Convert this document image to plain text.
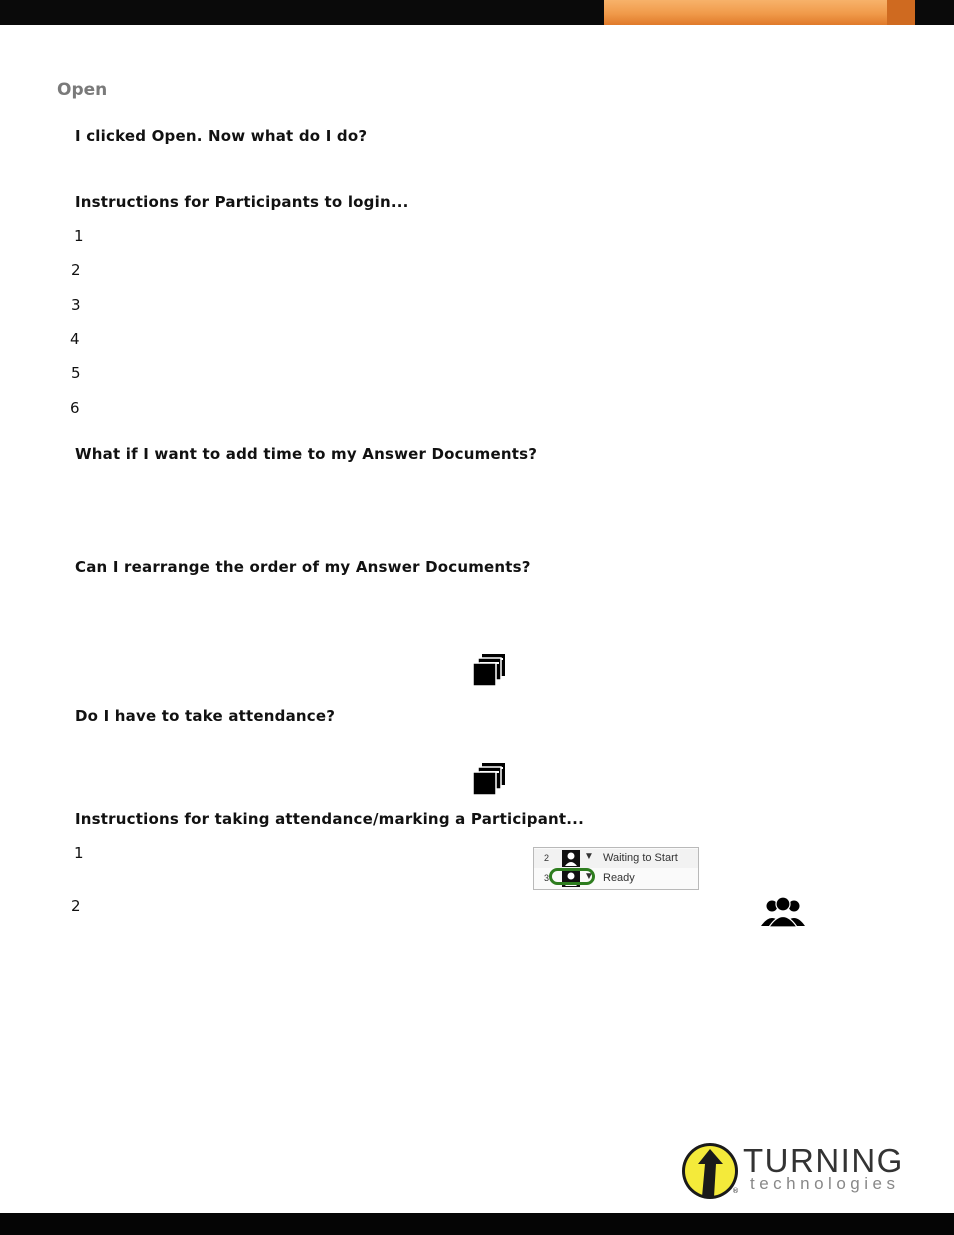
Open
I clicked Open. Now what do I do?
Instructions for Participants to login...
1
2
3
4
5
6
What if I want to add time to my Answer Documents?
Can I rearrange the order of my Answer Documents?
Do I have to take attendance?
Instructions for taking attendance/marking a Participant...
1
2
2	▼ Waiting to Start
3	▼ Ready
®
TURNING
technologies
